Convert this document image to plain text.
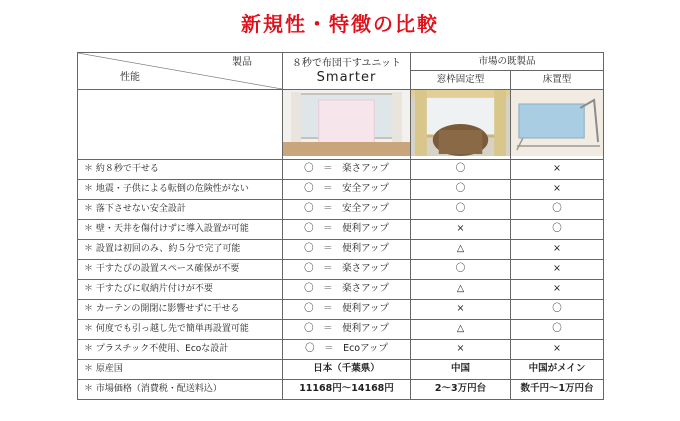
新規性・特徴の比較
製品
性能	８秒で布団干すユニット
Smarter	市場の既製品	
		窓枠固定型	床置型

＊ 約８秒で干せる	〇　＝　楽さアップ	〇	×
＊ 地震・子供による転倒の危険性がない	〇　＝　安全アップ	〇	×
＊ 落下させない安全設計	〇　＝　安全アップ	〇	〇
＊ 壁・天井を傷付けずに導入設置が可能	〇　＝　便利アップ	×	〇
＊ 設置は初回のみ、約５分で完了可能	〇　＝　便利アップ	△	×
＊ 干すたびの設置スペース確保が不要	〇　＝　楽さアップ	〇	×
＊ 干すたびに収納片付けが不要	〇　＝　楽さアップ	△	×
＊ カーテンの開閉に影響せずに干せる	〇　＝　便利アップ	×	〇
＊ 何度でも引っ越し先で簡単再設置可能	〇　＝　便利アップ	△	〇
＊ プラスチック不使用、Ecoな設計	〇　＝　Ecoアップ	×	×
＊ 原産国	日本（千葉県）	中国	中国がメイン
＊ 市場価格（消費税・配送料込）	11168円〜14168円	2〜3万円台	数千円〜1万円台
